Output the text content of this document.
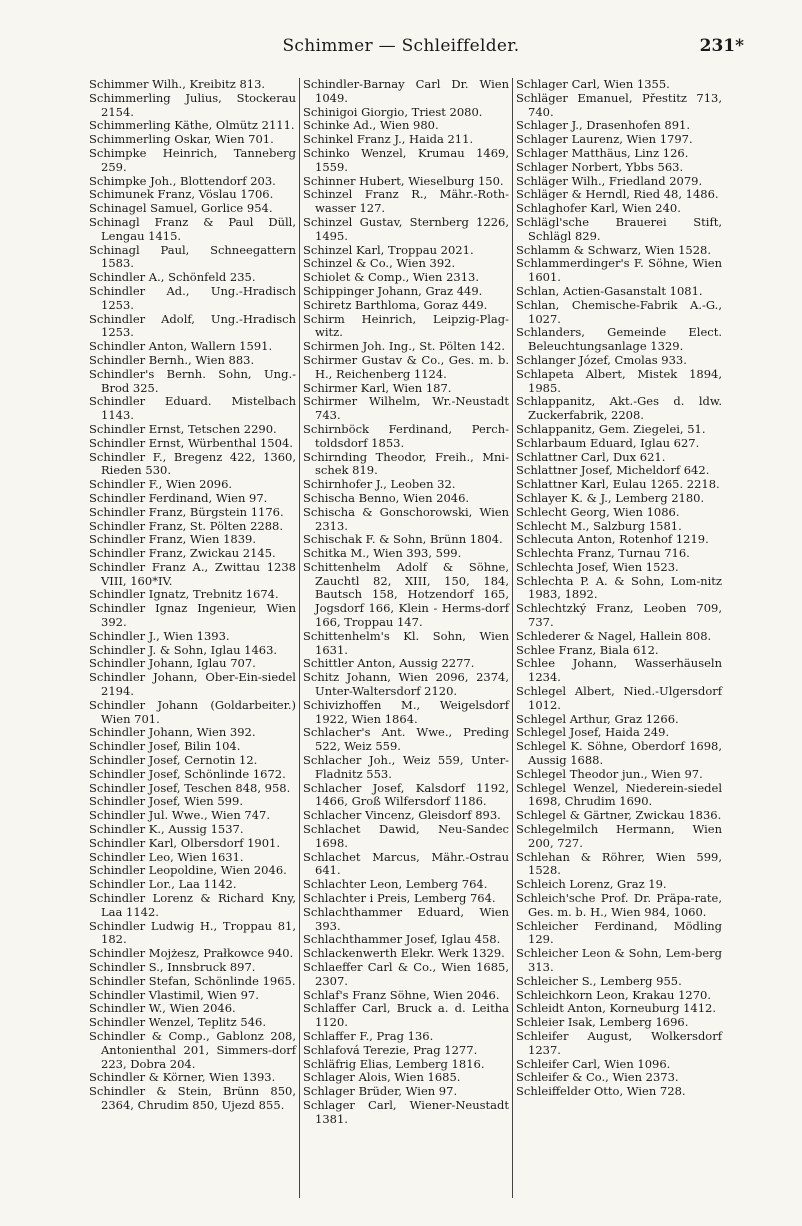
Schimmer — Schleiffelder.	231*

Schimmer Wilh., Kreibitz 813.

Schimmerling Julius, Stockerau 2154.

Schimmerling Käthe, Olmütz 2111.

Schimmerling Oskar, Wien 701.

Schimpke Heinrich, Tanneberg 259.

Schimpke Joh., Blottendorf 203.

Schimunek Franz, Vöslau 1706.

Schinagel Samuel, Gorlice 954.

Schinagl Franz & Paul Düll, Lengau 1415.

Schinagl Paul, Schneegattern 1583.

Schindler A., Schönfeld 235.

Schindler Ad., Ung.-Hradisch 1253.

Schindler Adolf, Ung.-Hradisch 1253.

Schindler Anton, Wallern 1591.

Schindler Bernh., Wien 883.

Schindler's Bernh. Sohn, Ung.-Brod 325.

Schindler Eduard. Mistelbach 1143.

Schindler Ernst, Tetschen 2290.

Schindler Ernst, Würbenthal 1504.

Schindler F., Bregenz 422, 1360, Rieden 530.

Schindler F., Wien 2096.

Schindler Ferdinand, Wien 97.

Schindler Franz, Bürgstein 1176.

Schindler Franz, St. Pölten 2288.

Schindler Franz, Wien 1839.

Schindler Franz, Zwickau 2145.

Schindler Franz A., Zwittau 1238 VIII, 160*IV.

Schindler Ignatz, Trebnitz 1674.

Schindler Ignaz Ingenieur, Wien 392.

Schindler J., Wien 1393.

Schindler J. & Sohn, Iglau 1463.

Schindler Johann, Iglau 707.

Schindler Johann, Ober-Ein-siedel 2194.

Schindler Johann (Goldarbeiter.) Wien 701.

Schindler Johann, Wien 392.

Schindler Josef, Bilin 104.

Schindler Josef, Cernotin 12.

Schindler Josef, Schönlinde 1672.

Schindler Josef, Teschen 848, 958.

Schindler Josef, Wien 599.

Schindler Jul. Wwe., Wien 747.

Schindler K., Aussig 1537.

Schindler Karl, Olbersdorf 1901.

Schindler Leo, Wien 1631.

Schindler Leopoldine, Wien 2046.

Schindler Lor., Laa 1142.

Schindler Lorenz & Richard Kny, Laa 1142.

Schindler Ludwig H., Troppau 81, 182.

Schindler Mojżesz, Prałkowce 940.

Schindler S., Innsbruck 897.

Schindler Stefan, Schönlinde 1965.

Schindler Vlastimil, Wien 97.

Schindler W., Wien 2046.

Schindler Wenzel, Teplitz 546.

Schindler & Comp., Gablonz 208, Antonienthal 201, Simmers-dorf 223, Dobra 204.

Schindler & Körner, Wien 1393.

Schindler & Stein, Brünn 850, 2364, Chrudim 850, Ujezd 855.

Schindler-Barnay Carl Dr. Wien 1049.

Schinigoi Giorgio, Triest 2080.

Schinke Ad., Wien 980.

Schinkel Franz J., Haida 211.

Schinko Wenzel, Krumau 1469, 1559.

Schinner Hubert, Wieselburg 150.

Schinzel Franz R., Mähr.-Roth-wasser 127.

Schinzel Gustav, Sternberg 1226, 1495.

Schinzel Karl, Troppau 2021.

Schinzel & Co., Wien 392.

Schiolet & Comp., Wien 2313.

Schippinger Johann, Graz 449.

Schiretz Barthloma, Goraz 449.

Schirm Heinrich, Leipzig-Plag-witz.

Schirmen Joh. Ing., St. Pölten 142.

Schirmer Gustav & Co., Ges. m. b. H., Reichenberg 1124.

Schirmer Karl, Wien 187.

Schirmer Wilhelm, Wr.-Neustadt 743.

Schirnböck Ferdinand, Perch-toldsdorf 1853.

Schirnding Theodor, Freih., Mni-schek 819.

Schirnhofer J., Leoben 32.

Schischa Benno, Wien 2046.

Schischa & Gonschorowski, Wien 2313.

Schischak F. & Sohn, Brünn 1804.

Schitka M., Wien 393, 599.

Schittenhelm Adolf & Söhne, Zauchtl 82, XIII, 150, 184, Bautsch 158, Hotzendorf 165, Jogsdorf 166, Klein - Herms-dorf 166, Troppau 147.

Schittenhelm's Kl. Sohn, Wien 1631.

Schittler Anton, Aussig 2277.

Schitz Johann, Wien 2096, 2374, Unter-Waltersdorf 2120.

Schivizhoffen M., Weigelsdorf 1922, Wien 1864.

Schlacher's Ant. Wwe., Preding 522, Weiz 559.

Schlacher Joh., Weiz 559, Unter-Fladnitz 553.

Schlacher Josef, Kalsdorf 1192, 1466, Groß Wilfersdorf 1186.

Schlacher Vincenz, Gleisdorf 893.

Schlachet Dawid, Neu-Sandec 1698.

Schlachet Marcus, Mähr.-Ostrau 641.

Schlachter Leon, Lemberg 764.

Schlachter i Preis, Lemberg 764.

Schlachthammer Eduard, Wien 393.

Schlachthammer Josef, Iglau 458.

Schlackenwerth Elekr. Werk 1329.

Schlaeffer Carl & Co., Wien 1685, 2307.

Schlaf's Franz Söhne, Wien 2046.

Schlaffer Carl, Bruck a. d. Leitha 1120.

Schlaffer F., Prag 136.

Schlafová Terezie, Prag 1277.

Schläfrig Elias, Lemberg 1816.

Schlager Alois, Wien 1685.

Schlager Brüder, Wien 97.

Schlager Carl, Wiener-Neustadt 1381.

Schlager Carl, Wien 1355.

Schläger Emanuel, Přestitz 713, 740.

Schlager J., Drasenhofen 891.

Schlager Laurenz, Wien 1797.

Schlager Matthäus, Linz 126.

Schlager Norbert, Ybbs 563.

Schläger Wilh., Friedland 2079.

Schläger & Herndl, Ried 48, 1486.

Schlaghofer Karl, Wien 240.

Schlägl'sche Brauerei Stift, Schlägl 829.

Schlamm & Schwarz, Wien 1528.

Schlammerdinger's F. Söhne, Wien 1601.

Schlan, Actien-Gasanstalt 1081.

Schlan, Chemische-Fabrik A.-G., 1027.

Schlanders, Gemeinde Elect. Beleuchtungsanlage 1329.

Schlanger Józef, Cmolas 933.

Schlapeta Albert, Mistek 1894, 1985.

Schlappanitz, Akt.-Ges d. ldw. Zuckerfabrik, 2208.

Schlappanitz, Gem. Ziegelei, 51.

Schlarbaum Eduard, Iglau 627.

Schlattner Carl, Dux 621.

Schlattner Josef, Micheldorf 642.

Schlattner Karl, Eulau 1265. 2218.

Schlayer K. & J., Lemberg 2180.

Schlecht Georg, Wien 1086.

Schlecht M., Salzburg 1581.

Schlecuta Anton, Rotenhof 1219.

Schlechta Franz, Turnau 716.

Schlechta Josef, Wien 1523.

Schlechta P. A. & Sohn, Lom-nitz 1983, 1892.

Schlechtzký Franz, Leoben 709, 737.

Schlederer & Nagel, Hallein 808.

Schlee Franz, Biala 612.

Schlee Johann, Wasserhäuseln 1234.

Schlegel Albert, Nied.-Ulgersdorf 1012.

Schlegel Arthur, Graz 1266.

Schlegel Josef, Haida 249.

Schlegel K. Söhne, Oberdorf 1698, Aussig 1688.

Schlegel Theodor jun., Wien 97.

Schlegel Wenzel, Niederein-siedel 1698, Chrudim 1690.

Schlegel & Gärtner, Zwickau 1836.

Schlegelmilch Hermann, Wien 200, 727.

Schlehan & Röhrer, Wien 599, 1528.

Schleich Lorenz, Graz 19.

Schleich'sche Prof. Dr. Präpa-rate, Ges. m. b. H., Wien 984, 1060.

Schleicher Ferdinand, Mödling 129.

Schleicher Leon & Sohn, Lem-berg 313.

Schleicher S., Lemberg 955.

Schleichkorn Leon, Krakau 1270.

Schleidt Anton, Korneuburg 1412.

Schleier Isak, Lemberg 1696.

Schleifer August, Wolkersdorf 1237.

Schleifer Carl, Wien 1096.

Schleifer & Co., Wien 2373.

Schleiffelder Otto, Wien 728.
